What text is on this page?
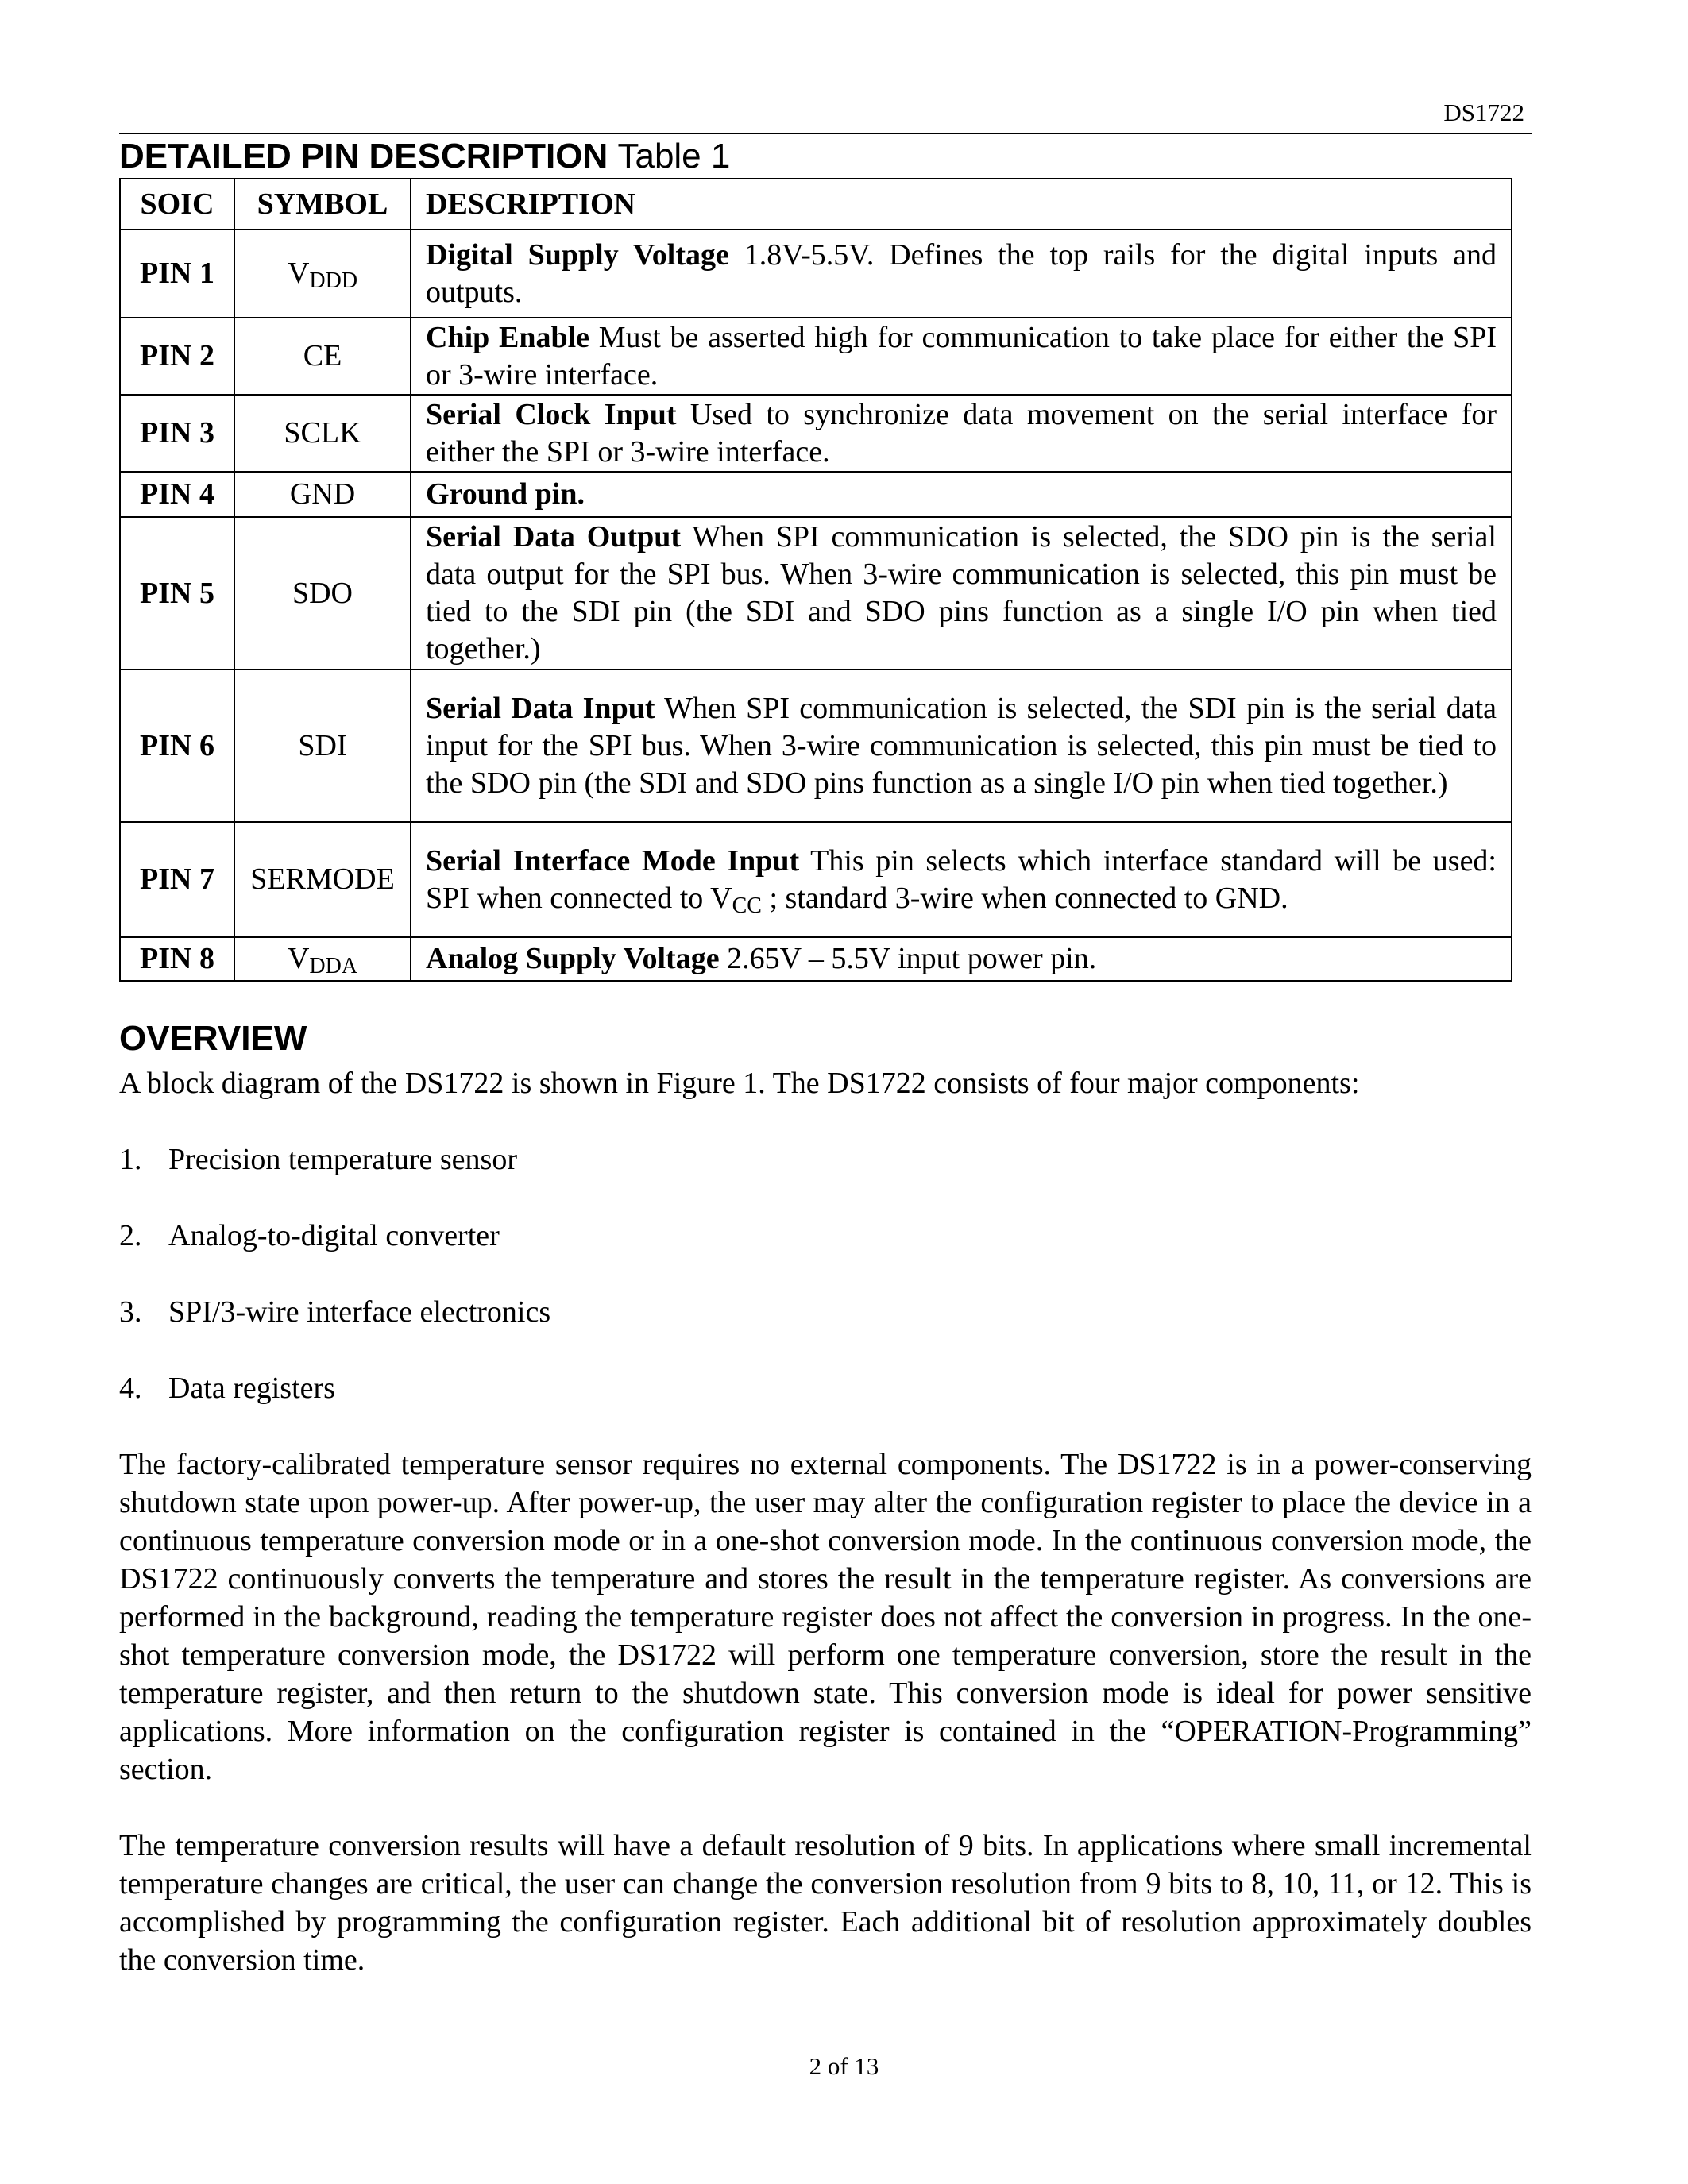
DS1722
DETAILED PIN DESCRIPTION Table 1
SOIC	SYMBOL	DESCRIPTION
PIN 1	$V_{DDD}$	Digital Supply Voltage 1.8V-5.5V. Defines the top rails for the digital inputs and outputs.
PIN 2	CE	Chip Enable Must be asserted high for communication to take place for either the SPI or 3-wire interface.
PIN 3	SCLK	Serial Clock Input Used to synchronize data movement on the serial interface for either the SPI or 3-wire interface.
PIN 4	GND	Ground pin.
PIN 5	SDO	Serial Data Output When SPI communication is selected, the SDO pin is the serial data output for the SPI bus. When 3-wire communication is selected, this pin must be tied to the SDI pin (the SDI and SDO pins function as a single I/O pin when tied together.)
PIN 6	SDI	Serial Data Input When SPI communication is selected, the SDI pin is the serial data input for the SPI bus. When 3-wire communication is selected, this pin must be tied to the SDO pin (the SDI and SDO pins function as a single I/O pin when tied together.)
PIN 7	SERMODE	Serial Interface Mode Input This pin selects which interface standard will be used: SPI when connected to $V_{CC}$ ; standard 3-wire when connected to GND.
PIN 8	$V_{DDA}$	Analog Supply Voltage 2.65V – 5.5V input power pin.
OVERVIEW
A block diagram of the DS1722 is shown in Figure 1. The DS1722 consists of four major components:
1. Precision temperature sensor
2. Analog-to-digital converter
3. SPI/3-wire interface electronics
4. Data registers
The factory-calibrated temperature sensor requires no external components. The DS1722 is in a power-conserving shutdown state upon power-up. After power-up, the user may alter the configuration register to place the device in a continuous temperature conversion mode or in a one-shot conversion mode. In the continuous conversion mode, the DS1722 continuously converts the temperature and stores the result in the temperature register. As conversions are performed in the background, reading the temperature register does not affect the conversion in progress. In the one-shot temperature conversion mode, the DS1722 will perform one temperature conversion, store the result in the temperature register, and then return to the shutdown state. This conversion mode is ideal for power sensitive applications. More information on the configuration register is contained in the “OPERATION-Programming” section.
The temperature conversion results will have a default resolution of 9 bits. In applications where small incremental temperature changes are critical, the user can change the conversion resolution from 9 bits to 8, 10, 11, or 12. This is accomplished by programming the configuration register. Each additional bit of resolution approximately doubles the conversion time.
2 of 13
